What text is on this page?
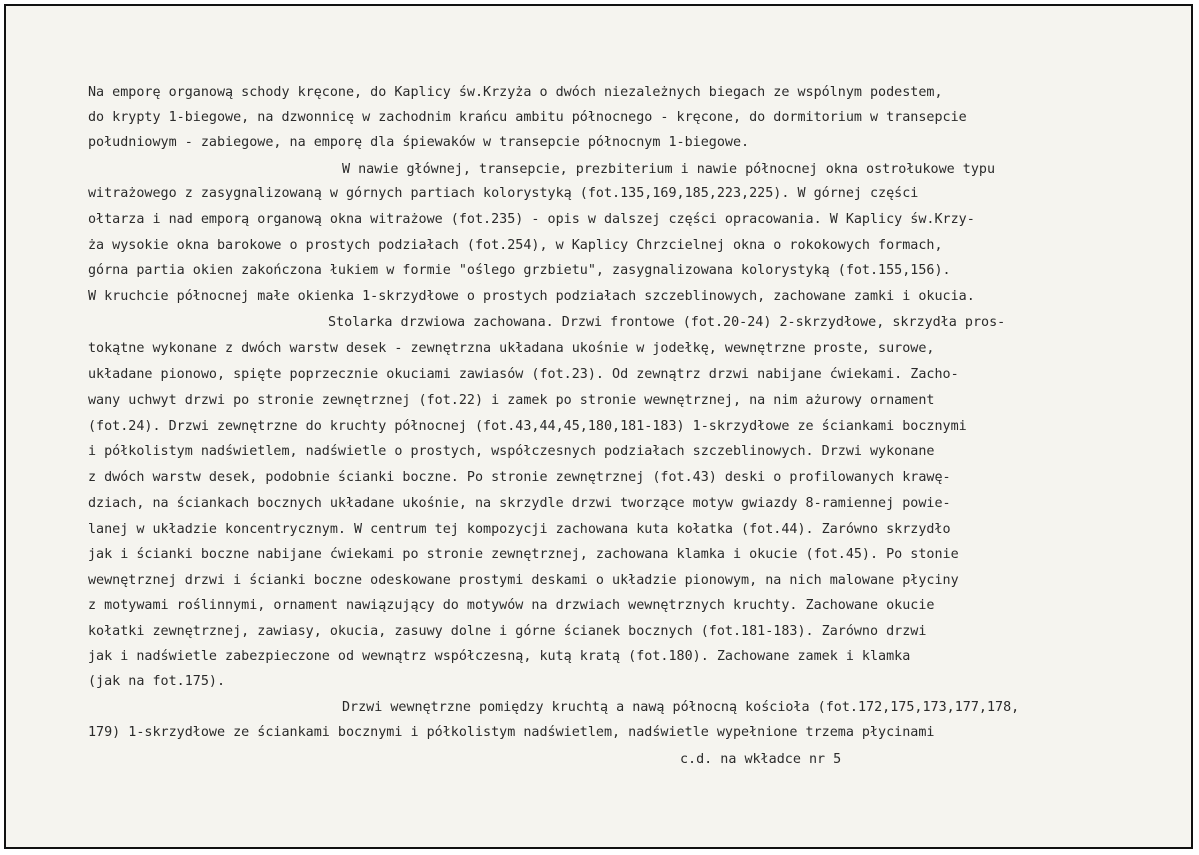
Na emporę organową schody kręcone, do Kaplicy św.Krzyża o dwóch niezależnych biegach ze wspólnym podestem,
do krypty 1-biegowe, na dzwonnicę w zachodnim krańcu ambitu północnego - kręcone, do dormitorium w transepcie
południowym - zabiegowe, na emporę dla śpiewaków w transepcie północnym 1-biegowe.
W nawie głównej, transepcie, prezbiterium i nawie północnej okna ostrołukowe typu
witrażowego z zasygnalizowaną w górnych partiach kolorystyką (fot.135,169,185,223,225). W górnej części
ołtarza i nad emporą organową okna witrażowe (fot.235) - opis w dalszej części opracowania. W Kaplicy św.Krzy-
ża wysokie okna barokowe o prostych podziałach (fot.254), w Kaplicy Chrzcielnej okna o rokokowych formach,
górna partia okien zakończona łukiem w formie "oślego grzbietu", zasygnalizowana kolorystyką (fot.155,156).
W kruchcie północnej małe okienka 1-skrzydłowe o prostych podziałach szczeblinowych, zachowane zamki i okucia.
Stolarka drzwiowa zachowana. Drzwi frontowe (fot.20-24) 2-skrzydłowe, skrzydła pros-
tokątne wykonane z dwóch warstw desek - zewnętrzna układana ukośnie w jodełkę, wewnętrzne proste, surowe,
układane pionowo, spięte poprzecznie okuciami zawiasów (fot.23). Od zewnątrz drzwi nabijane ćwiekami. Zacho-
wany uchwyt drzwi po stronie zewnętrznej (fot.22) i zamek po stronie wewnętrznej, na nim ażurowy ornament
(fot.24). Drzwi zewnętrzne do kruchty północnej (fot.43,44,45,180,181-183) 1-skrzydłowe ze ściankami bocznymi
i półkolistym nadświetlem, nadświetle o prostych, współczesnych podziałach szczeblinowych. Drzwi wykonane
z dwóch warstw desek, podobnie ścianki boczne. Po stronie zewnętrznej (fot.43) deski o profilowanych krawę-
dziach, na ściankach bocznych układane ukośnie, na skrzydle drzwi tworzące motyw gwiazdy 8-ramiennej powie-
lanej w układzie koncentrycznym. W centrum tej kompozycji zachowana kuta kołatka (fot.44). Zarówno skrzydło
jak i ścianki boczne nabijane ćwiekami po stronie zewnętrznej, zachowana klamka i okucie (fot.45). Po stonie
wewnętrznej drzwi i ścianki boczne odeskowane prostymi deskami o układzie pionowym, na nich malowane płyciny
z motywami roślinnymi, ornament nawiązujący do motywów na drzwiach wewnętrznych kruchty. Zachowane okucie
kołatki zewnętrznej, zawiasy, okucia, zasuwy dolne i górne ścianek bocznych (fot.181-183). Zarówno drzwi
jak i nadświetle zabezpieczone od wewnątrz współczesną, kutą kratą (fot.180). Zachowane zamek i klamka
(jak na fot.175).
Drzwi wewnętrzne pomiędzy kruchtą a nawą północną kościoła (fot.172,175,173,177,178,
179) 1-skrzydłowe ze ściankami bocznymi i półkolistym nadświetlem, nadświetle wypełnione trzema płycinami
c.d. na wkładce nr 5
